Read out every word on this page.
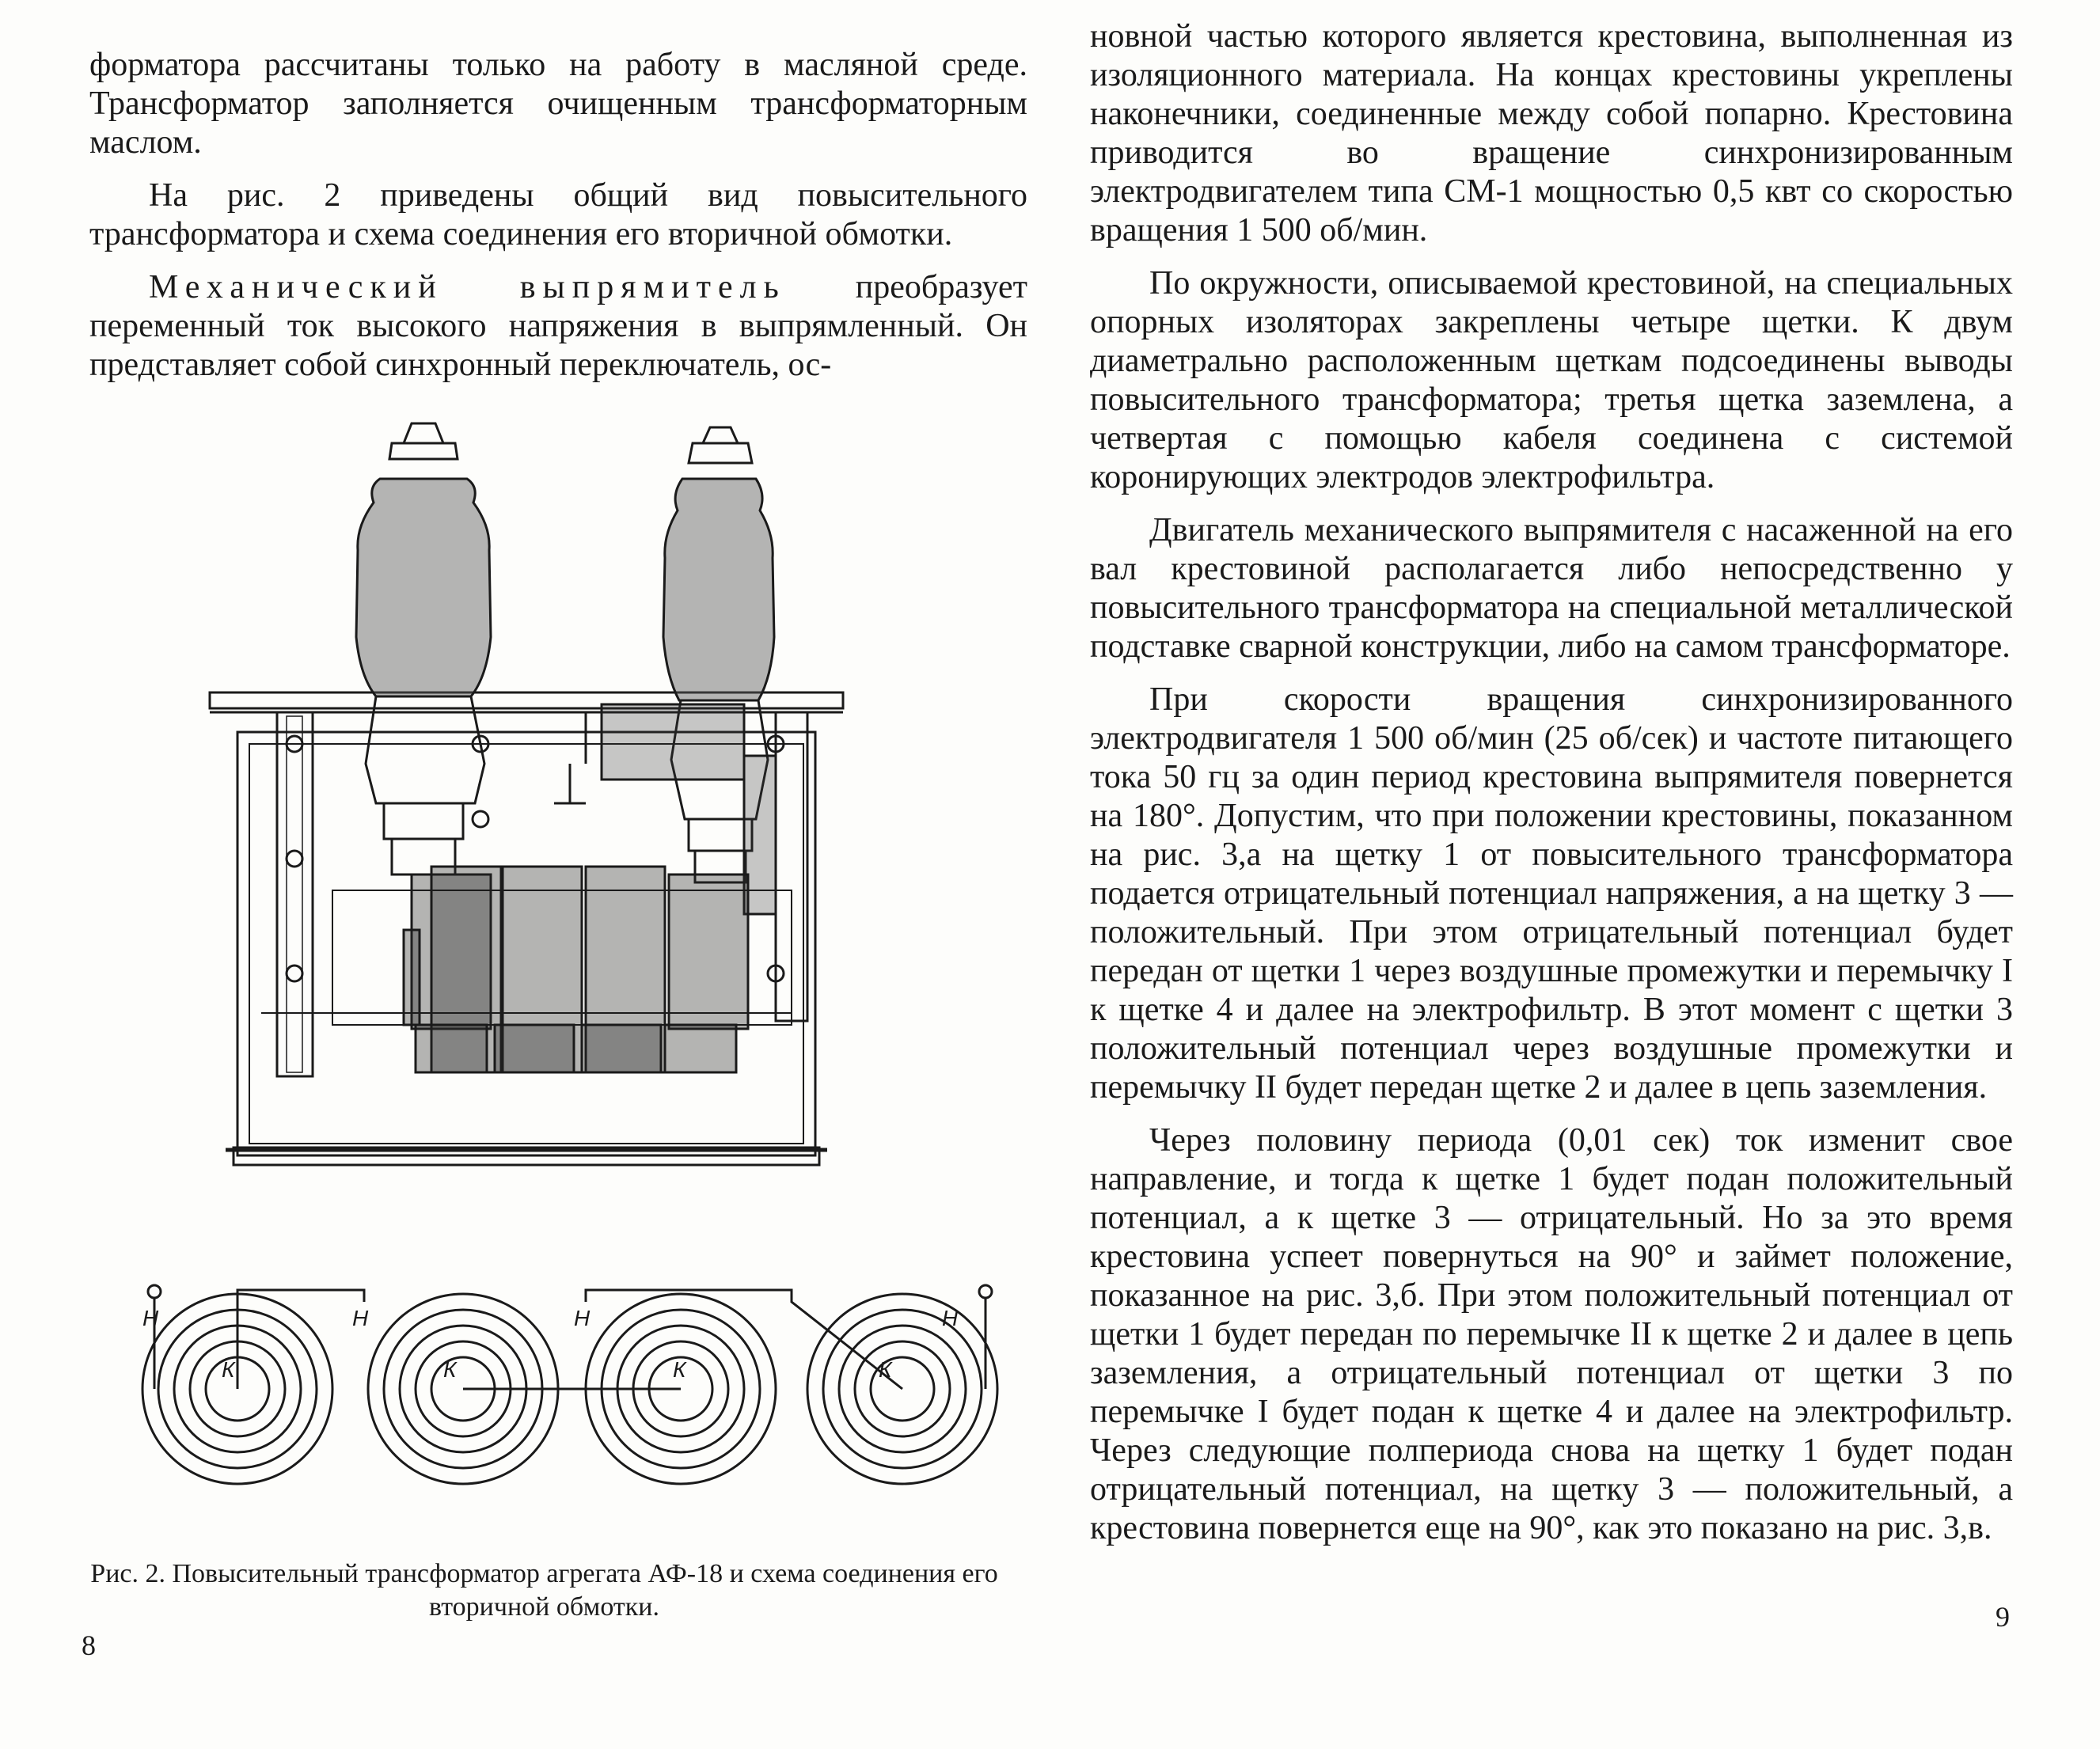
форматора рассчитаны только на работу в масляной среде. Трансформатор заполняется очищенным трансформаторным маслом.

На рис. 2 приведены общий вид повысительного трансформатора и схема соединения его вторичной обмотки.

Механический выпрямитель преобразует переменный ток высокого напряжения в выпрямленный. Он представляет собой синхронный переключатель, ос-

Н
К
Н
К
Н
К
Н
К
Рис. 2. Повысительный трансформатор агрегата АФ-18 и схема соединения его вторичной обмотки.
8

новной частью которого является крестовина, выполненная из изоляционного материала. На концах крестовины укреплены наконечники, соединенные между собой попарно. Крестовина приводится во вращение синхронизированным электродвигателем типа СМ-1 мощностью 0,5 квт со скоростью вращения 1 500 об/мин.

По окружности, описываемой крестовиной, на специальных опорных изоляторах закреплены четыре щетки. К двум диаметрально расположенным щеткам подсоединены выводы повысительного трансформатора; третья щетка заземлена, а четвертая с помощью кабеля соединена с системой коронирующих электродов электрофильтра.

Двигатель механического выпрямителя с насаженной на его вал крестовиной располагается либо непосредственно у повысительного трансформатора на специальной металлической подставке сварной конструкции, либо на самом трансформаторе.

При скорости вращения синхронизированного электродвигателя 1 500 об/мин (25 об/сек) и частоте питающего тока 50 гц за один период крестовина выпрямителя повернется на 180°. Допустим, что при положении крестовины, показанном на рис. 3,а на щетку 1 от повысительного трансформатора подается отрицательный потенциал напряжения, а на щетку 3 — положительный. При этом отрицательный потенциал будет передан от щетки 1 через воздушные промежутки и перемычку I к щетке 4 и далее на электрофильтр. В этот момент с щетки 3 положительный потенциал через воздушные промежутки и перемычку II будет передан щетке 2 и далее в цепь заземления.

Через половину периода (0,01 сек) ток изменит свое направление, и тогда к щетке 1 будет подан положительный потенциал, а к щетке 3 — отрицательный. Но за это время крестовина успеет повернуться на 90° и займет положение, показанное на рис. 3,б. При этом положительный потенциал от щетки 1 будет передан по перемычке II к щетке 2 и далее в цепь заземления, а отрицательный потенциал от щетки 3 по перемычке I будет подан к щетке 4 и далее на электрофильтр. Через следующие полпериода снова на щетку 1 будет подан отрицательный потенциал, на щетку 3 — положительный, а крестовина повернется еще на 90°, как это показано на рис. 3,в.

9
